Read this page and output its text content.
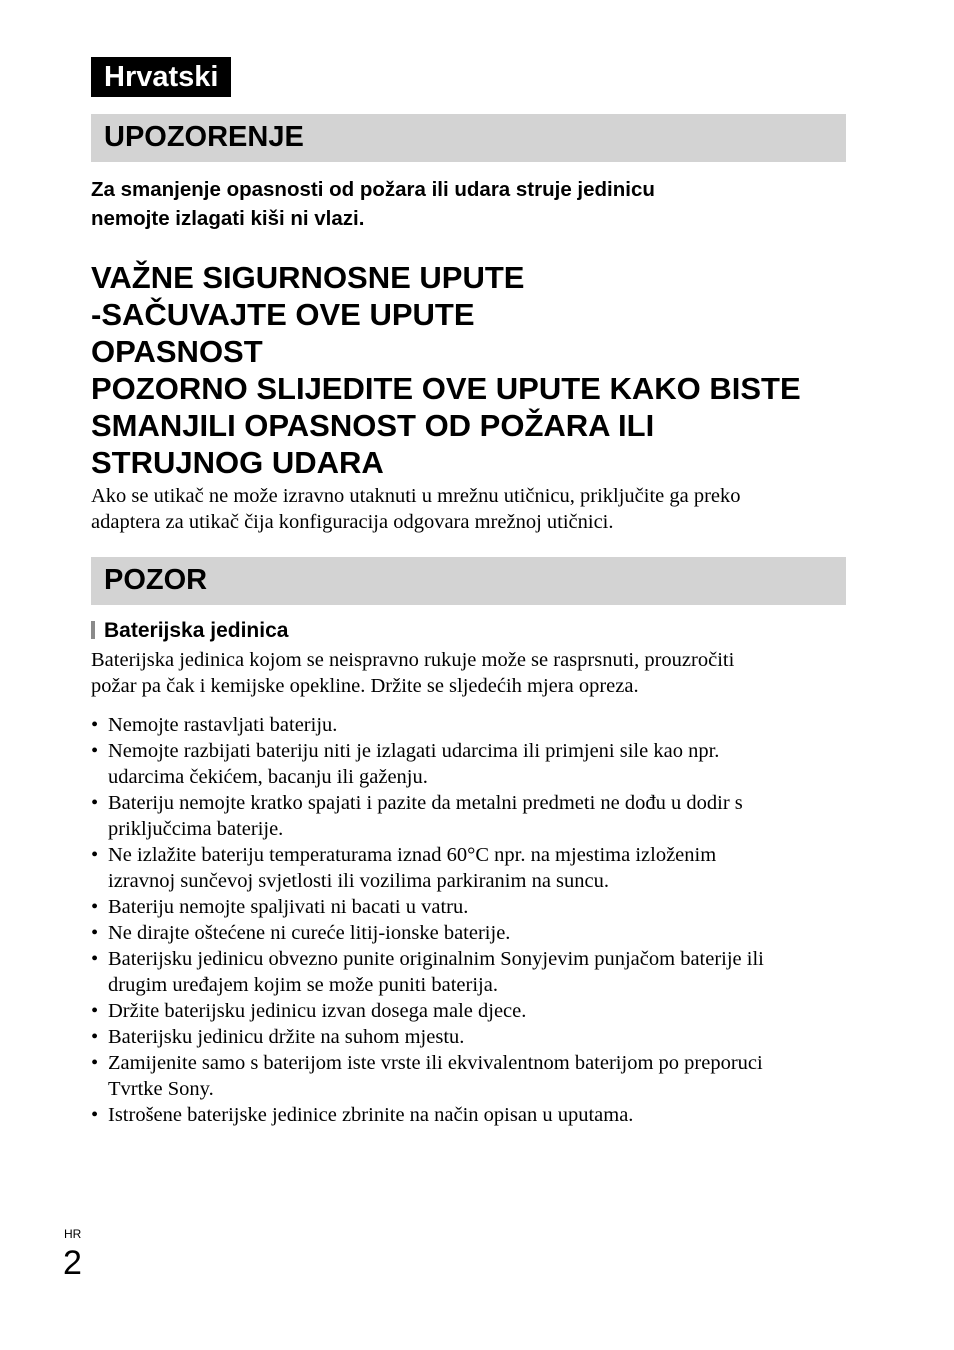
Hrvatski
UPOZORENJE
Za smanjenje opasnosti od požara ili udara struje jedinicu
nemojte izlagati kiši ni vlazi.
VAŽNE SIGURNOSNE UPUTE
-SAČUVAJTE OVE UPUTE
OPASNOST
POZORNO SLIJEDITE OVE UPUTE KAKO BISTE
SMANJILI OPASNOST OD POŽARA ILI
STRUJNOG UDARA
Ako se utikač ne može izravno utaknuti u mrežnu utičnicu, priključite ga preko
adaptera za utikač čija konfiguracija odgovara mrežnoj utičnici.
POZOR
Baterijska jedinica
Baterijska jedinica kojom se neispravno rukuje može se rasprsnuti, prouzročiti
požar pa čak i kemijske opekline. Držite se sljedećih mjera opreza.
• Nemojte rastavljati bateriju.
• Nemojte razbijati bateriju niti je izlagati udarcima ili primjeni sile kao npr.
udarcima čekićem, bacanju ili gaženju.
• Bateriju nemojte kratko spajati i pazite da metalni predmeti ne dođu u dodir s
priključcima baterije.
• Ne izlažite bateriju temperaturama iznad 60°C npr. na mjestima izloženim
izravnoj sunčevoj svjetlosti ili vozilima parkiranim na suncu.
• Bateriju nemojte spaljivati ni bacati u vatru.
• Ne dirajte oštećene ni cureće litij-ionske baterije.
• Baterijsku jedinicu obvezno punite originalnim Sonyjevim punjačom baterije ili
drugim uređajem kojim se može puniti baterija.
• Držite baterijsku jedinicu izvan dosega male djece.
• Baterijsku jedinicu držite na suhom mjestu.
• Zamijenite samo s baterijom iste vrste ili ekvivalentnom baterijom po preporuci
Tvrtke Sony.
• Istrošene baterijske jedinice zbrinite na način opisan u uputama.
HR
2
